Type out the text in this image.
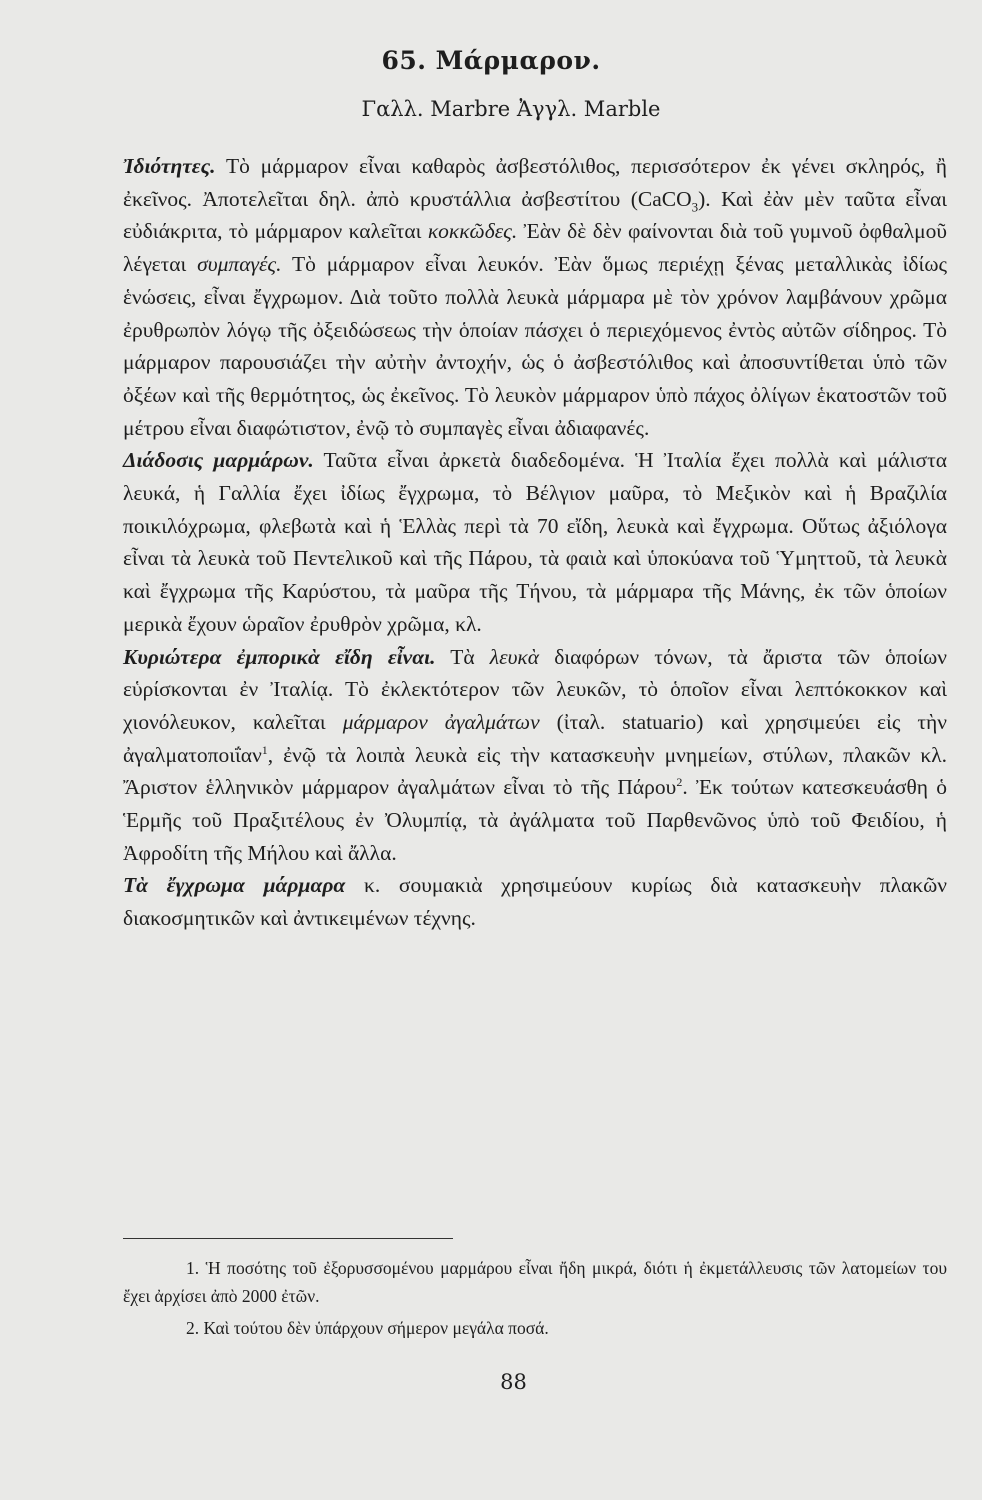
65. Μάρμαρον.
Γαλλ. Marbre Ἀγγλ. Marble

Ἰδιότητες. Τὸ μάρμαρον εἶναι καθαρὸς ἀσβεστόλιθος, περισσότερον ἐκ γένει σκληρός, ἢ ἐκεῖνος. Ἀποτελεῖται δηλ. ἀπὸ κρυστάλλια ἀσβεστίτου (CaCO$_3$). Καὶ ἐὰν μὲν ταῦτα εἶναι εὐδιάκριτα, τὸ μάρμαρον καλεῖται κοκκῶδες. Ἐὰν δὲ δὲν φαίνονται διὰ τοῦ γυμνοῦ ὀφθαλμοῦ λέγεται συμπαγές. Τὸ μάρμαρον εἶναι λευκόν. Ἐὰν ὅμως περιέχῃ ξένας μεταλλικὰς ἰδίως ἑνώσεις, εἶναι ἔγχρωμον. Διὰ τοῦτο πολλὰ λευκὰ μάρμαρα μὲ τὸν χρόνον λαμβάνουν χρῶμα ἐρυθρωπὸν λόγῳ τῆς ὀξειδώσεως τὴν ὁποίαν πάσχει ὁ περιεχόμενος ἐντὸς αὐτῶν σίδηρος. Τὸ μάρμαρον παρουσιάζει τὴν αὐτὴν ἀντοχήν, ὡς ὁ ἀσβεστόλιθος καὶ ἀποσυντίθεται ὑπὸ τῶν ὀξέων καὶ τῆς θερμότητος, ὡς ἐκεῖνος. Τὸ λευκὸν μάρμαρον ὑπὸ πάχος ὀλίγων ἑκατοστῶν τοῦ μέτρου εἶναι διαφώτιστον, ἐνῷ τὸ συμπαγὲς εἶναι ἀδιαφανές.

Διάδοσις μαρμάρων. Ταῦτα εἶναι ἀρκετὰ διαδεδομένα. Ἡ Ἰταλία ἔχει πολλὰ καὶ μάλιστα λευκά, ἡ Γαλλία ἔχει ἰδίως ἔγχρωμα, τὸ Βέλγιον μαῦρα, τὸ Μεξικὸν καὶ ἡ Βραζιλία ποικιλόχρωμα, φλεβωτὰ καὶ ἡ Ἑλλὰς περὶ τὰ 70 εἴδη, λευκὰ καὶ ἔγχρωμα. Οὕτως ἀξιόλογα εἶναι τὰ λευκὰ τοῦ Πεντελικοῦ καὶ τῆς Πάρου, τὰ φαιὰ καὶ ὑποκύανα τοῦ Ὑμηττοῦ, τὰ λευκὰ καὶ ἔγχρωμα τῆς Καρύστου, τὰ μαῦρα τῆς Τήνου, τὰ μάρμαρα τῆς Μάνης, ἐκ τῶν ὁποίων μερικὰ ἔχουν ὡραῖον ἐρυθρὸν χρῶμα, κλ.

Κυριώτερα ἐμπορικὰ εἴδη εἶναι. Τὰ λευκὰ διαφόρων τόνων, τὰ ἄριστα τῶν ὁποίων εὑρίσκονται ἐν Ἰταλίᾳ. Τὸ ἐκλεκτότερον τῶν λευκῶν, τὸ ὁποῖον εἶναι λεπτόκοκκον καὶ χιονόλευκον, καλεῖται μάρμαρον ἀγαλμάτων (ἰταλ. statuario) καὶ χρησιμεύει εἰς τὴν ἀγαλματοποιΐαν$^1$, ἐνῷ τὰ λοιπὰ λευκὰ εἰς τὴν κατασκευὴν μνημείων, στύλων, πλακῶν κλ. Ἄριστον ἑλληνικὸν μάρμαρον ἀγαλμάτων εἶναι τὸ τῆς Πάρου$^2$. Ἐκ τούτων κατεσκευάσθη ὁ Ἑρμῆς τοῦ Πραξιτέλους ἐν Ὀλυμπίᾳ, τὰ ἀγάλματα τοῦ Παρθενῶνος ὑπὸ τοῦ Φειδίου, ἡ Ἀφροδίτη τῆς Μήλου καὶ ἄλλα.

Τὰ ἔγχρωμα μάρμαρα κ. σουμακιὰ χρησιμεύουν κυρίως διὰ κατασκευὴν πλακῶν διακοσμητικῶν καὶ ἀντικειμένων τέχνης.

1. Ἡ ποσότης τοῦ ἐξορυσσομένου μαρμάρου εἶναι ἤδη μικρά, διότι ἡ ἐκμετάλλευσις τῶν λατομείων του ἔχει ἀρχίσει ἀπὸ 2000 ἐτῶν.

2. Καὶ τούτου δὲν ὑπάρχουν σήμερον μεγάλα ποσά.

88
